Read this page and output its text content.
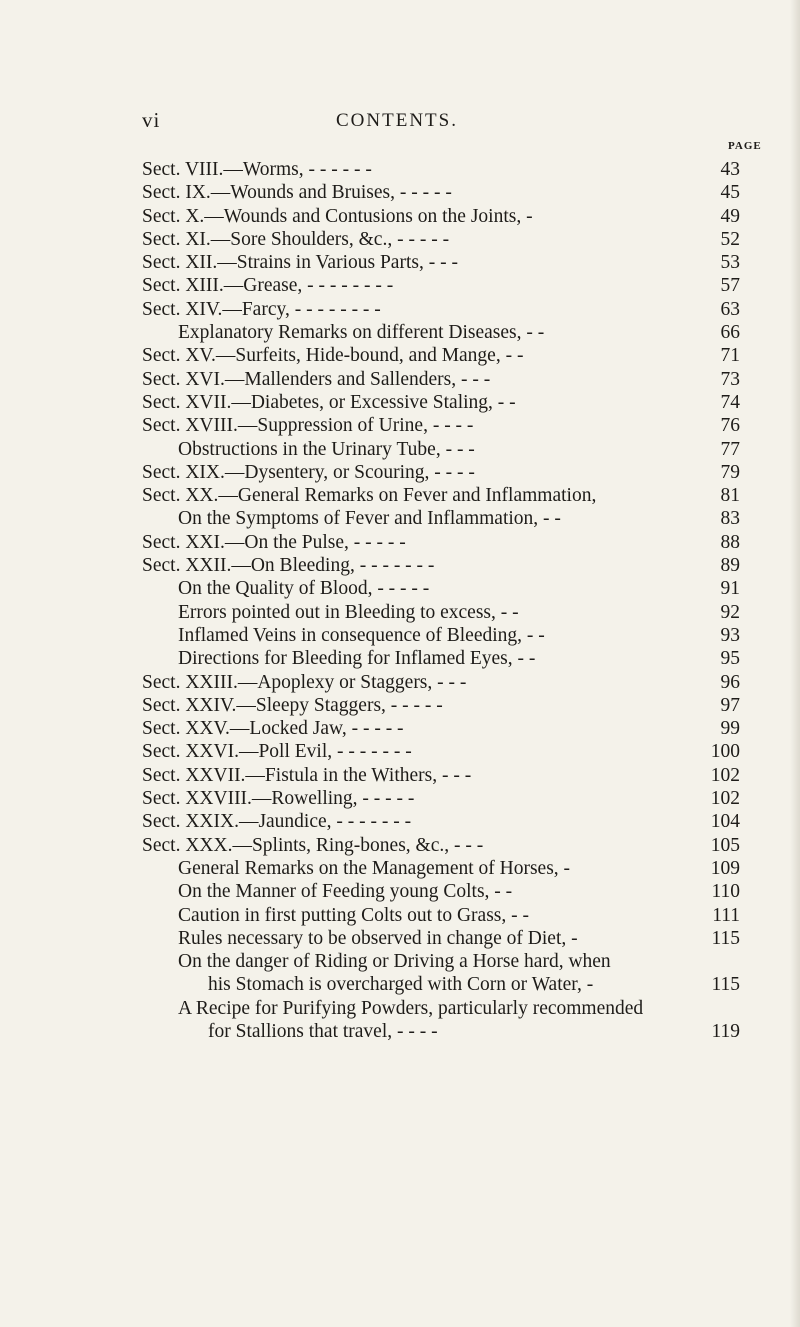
vi	CONTENTS.
PAGE
Sect. VIII.—Worms, - - - - - -	43
Sect. IX.—Wounds and Bruises, - - - - -	45
Sect. X.—Wounds and Contusions on the Joints, -	49
Sect. XI.—Sore Shoulders, &c., - - - - -	52
Sect. XII.—Strains in Various Parts, - - -	53
Sect. XIII.—Grease, - - - - - - - -	57
Sect. XIV.—Farcy, - - - - - - - -	63
Explanatory Remarks on different Diseases, - -	66
Sect. XV.—Surfeits, Hide-bound, and Mange, - -	71
Sect. XVI.—Mallenders and Sallenders, - - -	73
Sect. XVII.—Diabetes, or Excessive Staling, - -	74
Sect. XVIII.—Suppression of Urine, - - - -	76
Obstructions in the Urinary Tube, - - -	77
Sect. XIX.—Dysentery, or Scouring, - - - -	79
Sect. XX.—General Remarks on Fever and Inflammation,	81
On the Symptoms of Fever and Inflammation, - -	83
Sect. XXI.—On the Pulse, - - - - -	88
Sect. XXII.—On Bleeding, - - - - - - -	89
On the Quality of Blood, - - - - -	91
Errors pointed out in Bleeding to excess, - -	92
Inflamed Veins in consequence of Bleeding, - -	93
Directions for Bleeding for Inflamed Eyes, - -	95
Sect. XXIII.—Apoplexy or Staggers, - - -	96
Sect. XXIV.—Sleepy Staggers, - - - - -	97
Sect. XXV.—Locked Jaw, - - - - -	99
Sect. XXVI.—Poll Evil, - - - - - - -	100
Sect. XXVII.—Fistula in the Withers, - - -	102
Sect. XXVIII.—Rowelling, - - - - -	102
Sect. XXIX.—Jaundice, - - - - - - -	104
Sect. XXX.—Splints, Ring-bones, &c., - - -	105
General Remarks on the Management of Horses, -	109
On the Manner of Feeding young Colts, - -	110
Caution in first putting Colts out to Grass, - -	111
Rules necessary to be observed in change of Diet, -	115
On the danger of Riding or Driving a Horse hard, when
his Stomach is overcharged with Corn or Water, -	115
A Recipe for Purifying Powders, particularly recommended
for Stallions that travel, - - - -	119
